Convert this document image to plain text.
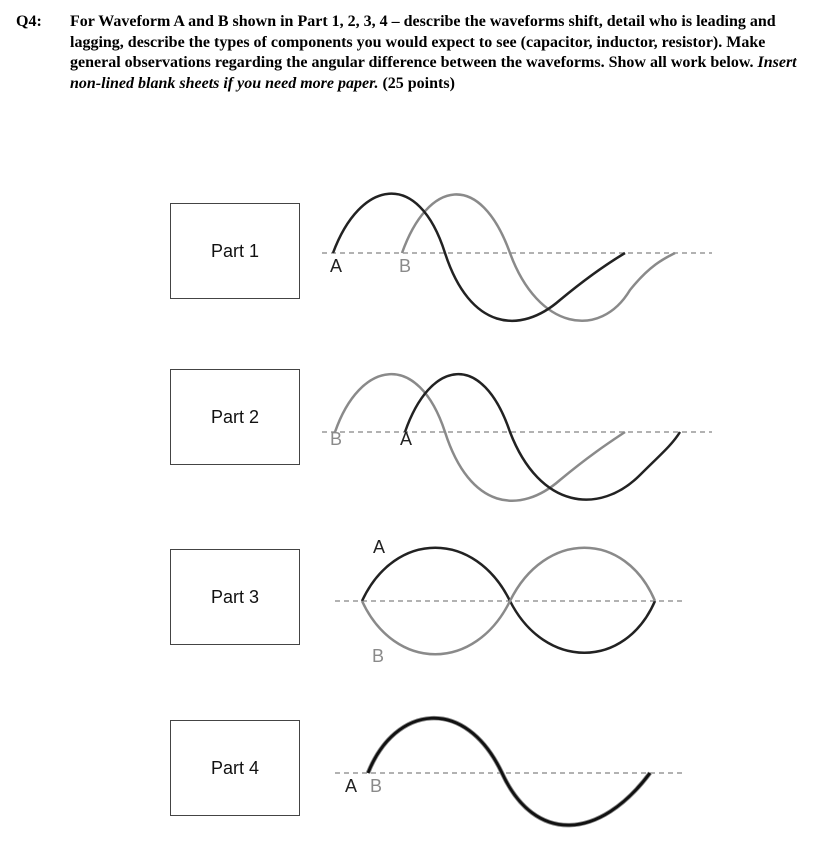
Q4: For Waveform A and B shown in Part 1, 2, 3, 4 – describe the waveforms shift, detail who is leading and lagging, describe the types of components you would expect to see (capacitor, inductor, resistor). Make general observations regarding the angular difference between the waveforms. Show all work below. Insert non-lined blank sheets if you need more paper. (25 points)
Part 1
Part 2
Part 3
Part 4
A	B
B	A
A
B
A B
